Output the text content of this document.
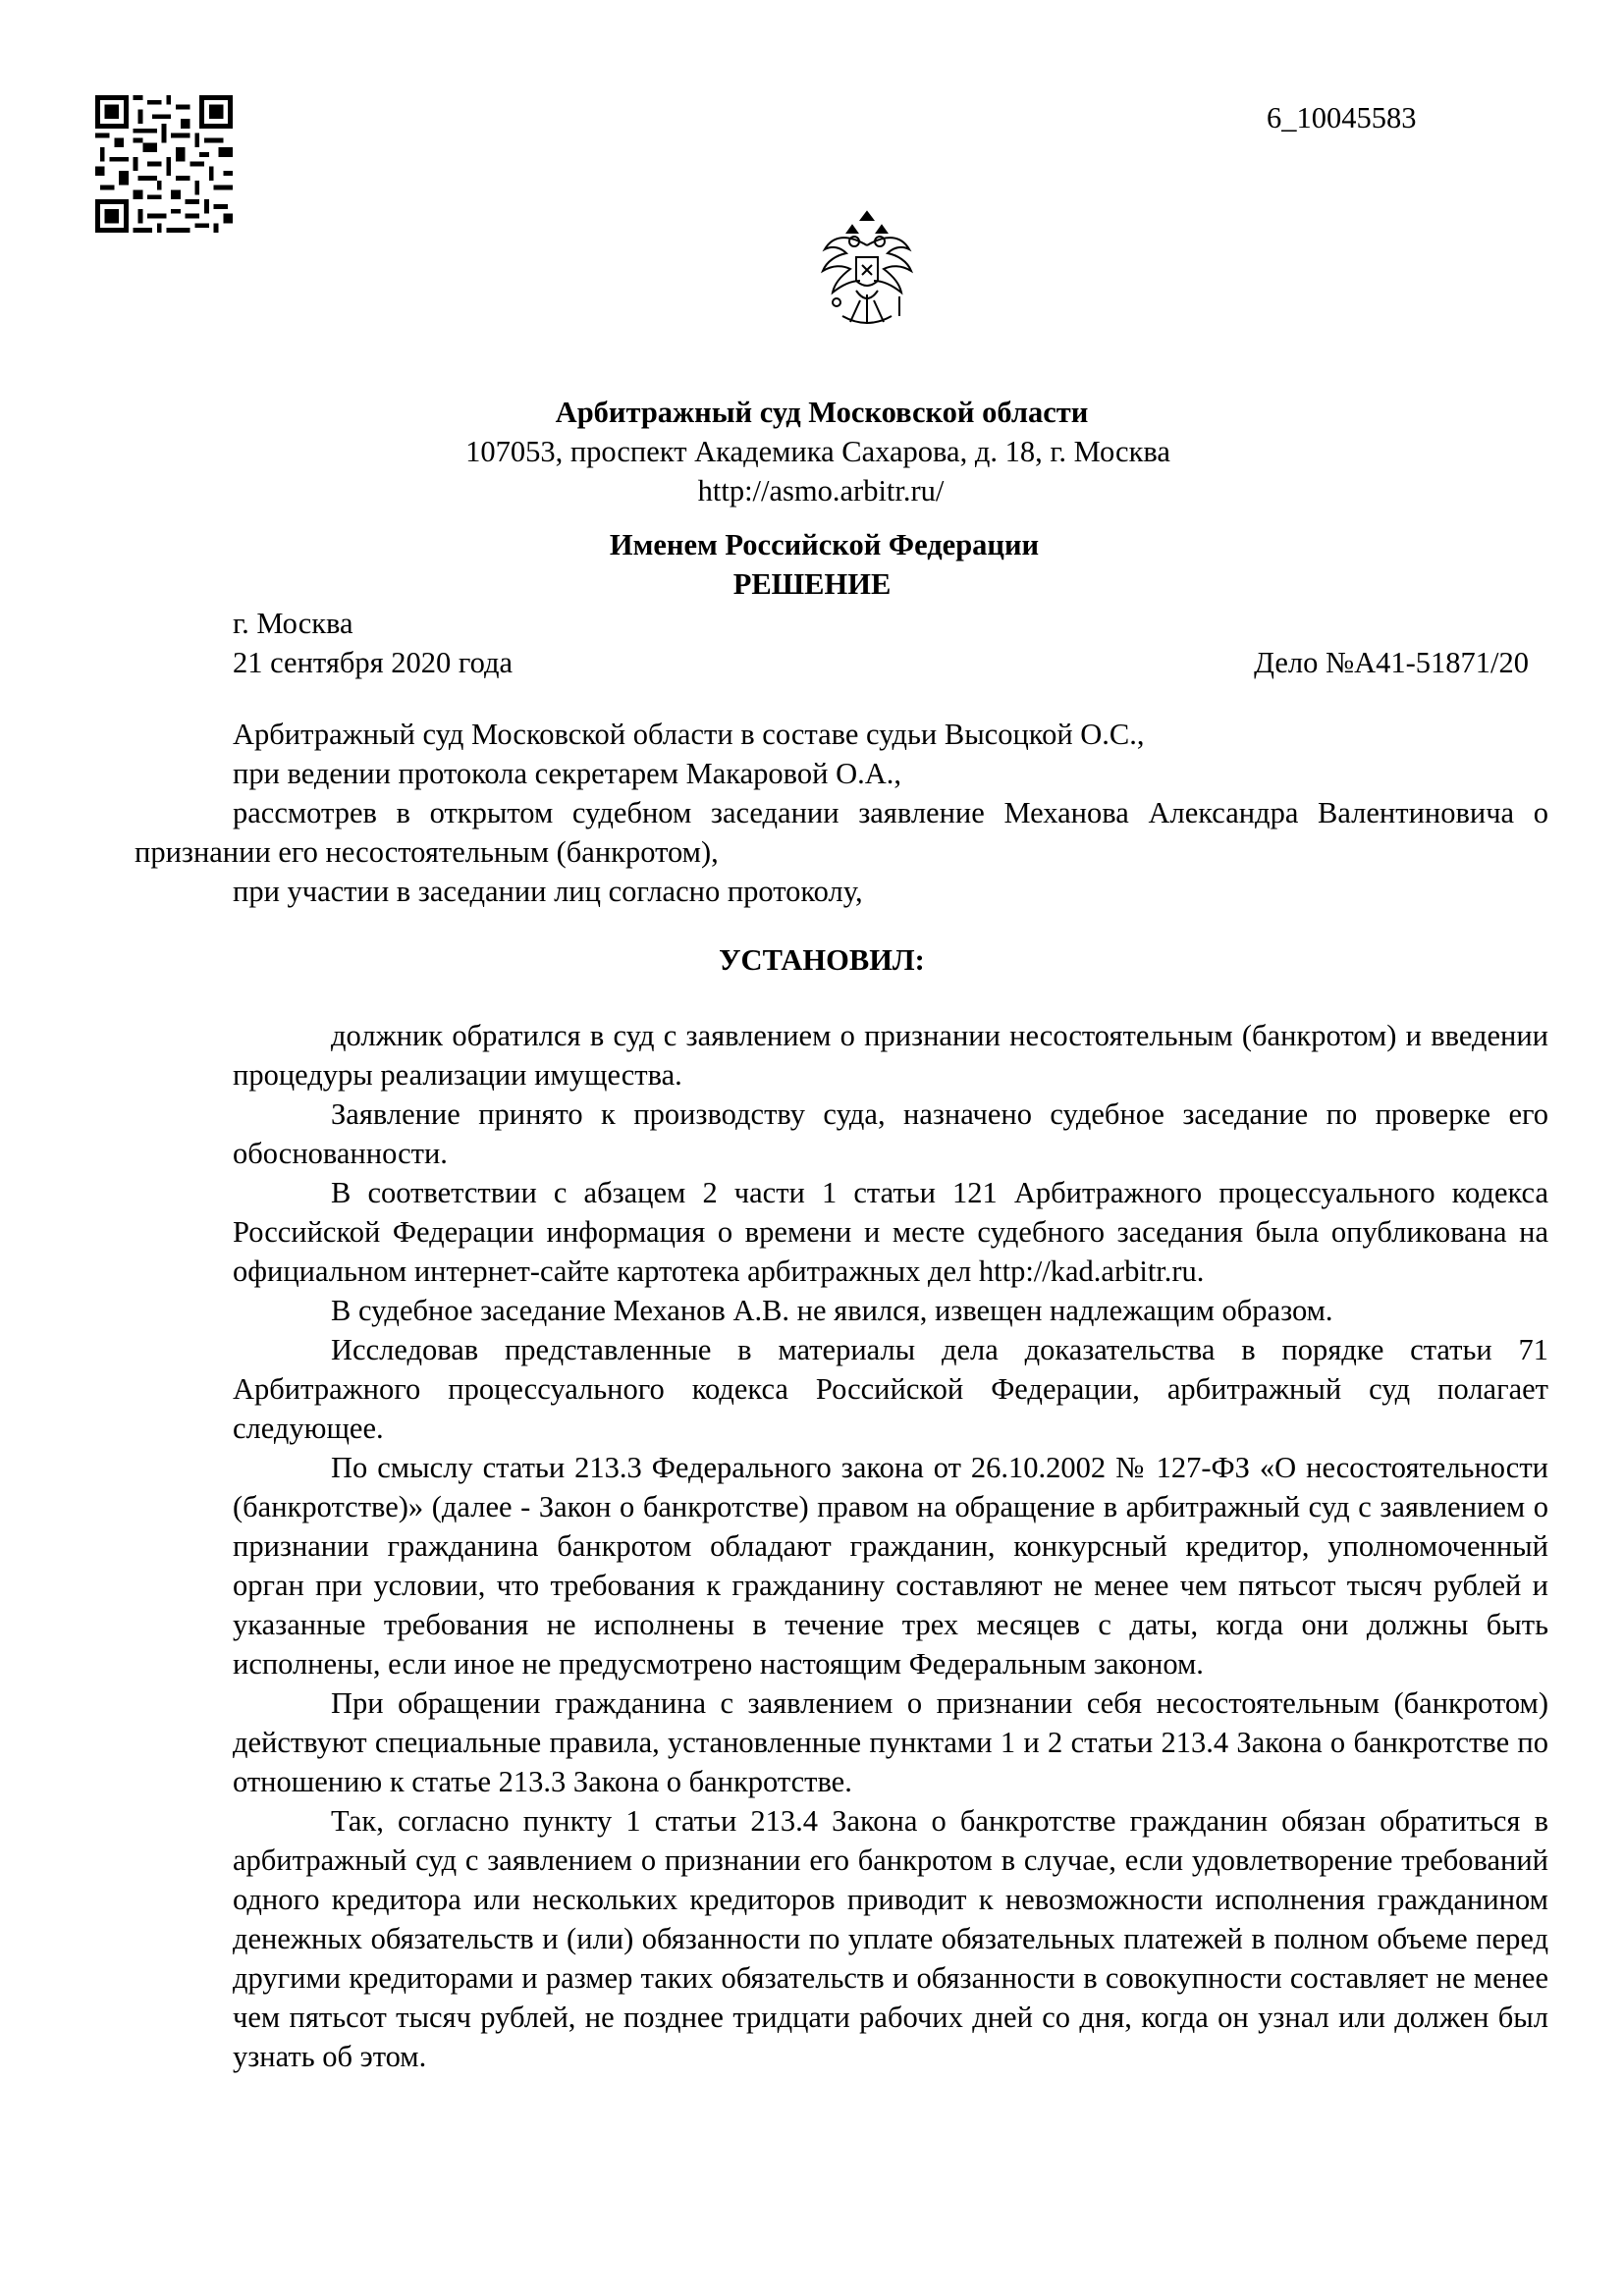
6_10045583
Арбитражный суд Московской области
107053, проспект Академика Сахарова, д. 18, г. Москва
http://asmo.arbitr.ru/
Именем Российской Федерации
РЕШЕНИЕ
г. Москва
21 сентября 2020 года	Дело №А41-51871/20

Арбитражный суд Московской области в составе судьи Высоцкой О.С.,

при ведении протокола секретарем Макаровой О.А.,

рассмотрев в открытом судебном заседании заявление Механова Александра Валентиновича о признании его несостоятельным (банкротом),

при участии в заседании лиц согласно протоколу,

УСТАНОВИЛ:

должник обратился в суд с заявлением о признании несостоятельным (банкротом) и введении процедуры реализации имущества.

Заявление принято к производству суда, назначено судебное заседание по проверке его обоснованности.

В соответствии с абзацем 2 части 1 статьи 121 Арбитражного процессуального кодекса Российской Федерации информация о времени и месте судебного заседания была опубликована на официальном интернет-сайте картотека арбитражных дел http://kad.arbitr.ru.

В судебное заседание Механов А.В. не явился, извещен надлежащим образом.

Исследовав представленные в материалы дела доказательства в порядке статьи 71 Арбитражного процессуального кодекса Российской Федерации, арбитражный суд полагает следующее.

По смыслу статьи 213.3 Федерального закона от 26.10.2002 № 127-ФЗ «О несостоятельности (банкротстве)» (далее - Закон о банкротстве) правом на обращение в арбитражный суд с заявлением о признании гражданина банкротом обладают гражданин, конкурсный кредитор, уполномоченный орган при условии, что требования к гражданину составляют не менее чем пятьсот тысяч рублей и указанные требования не исполнены в течение трех месяцев с даты, когда они должны быть исполнены, если иное не предусмотрено настоящим Федеральным законом.

При обращении гражданина с заявлением о признании себя несостоятельным (банкротом) действуют специальные правила, установленные пунктами 1 и 2 статьи 213.4 Закона о банкротстве по отношению к статье 213.3 Закона о банкротстве.

Так, согласно пункту 1 статьи 213.4 Закона о банкротстве гражданин обязан обратиться в арбитражный суд с заявлением о признании его банкротом в случае, если удовлетворение требований одного кредитора или нескольких кредиторов приводит к невозможности исполнения гражданином денежных обязательств и (или) обязанности по уплате обязательных платежей в полном объеме перед другими кредиторами и размер таких обязательств и обязанности в совокупности составляет не менее чем пятьсот тысяч рублей, не позднее тридцати рабочих дней со дня, когда он узнал или должен был узнать об этом.
